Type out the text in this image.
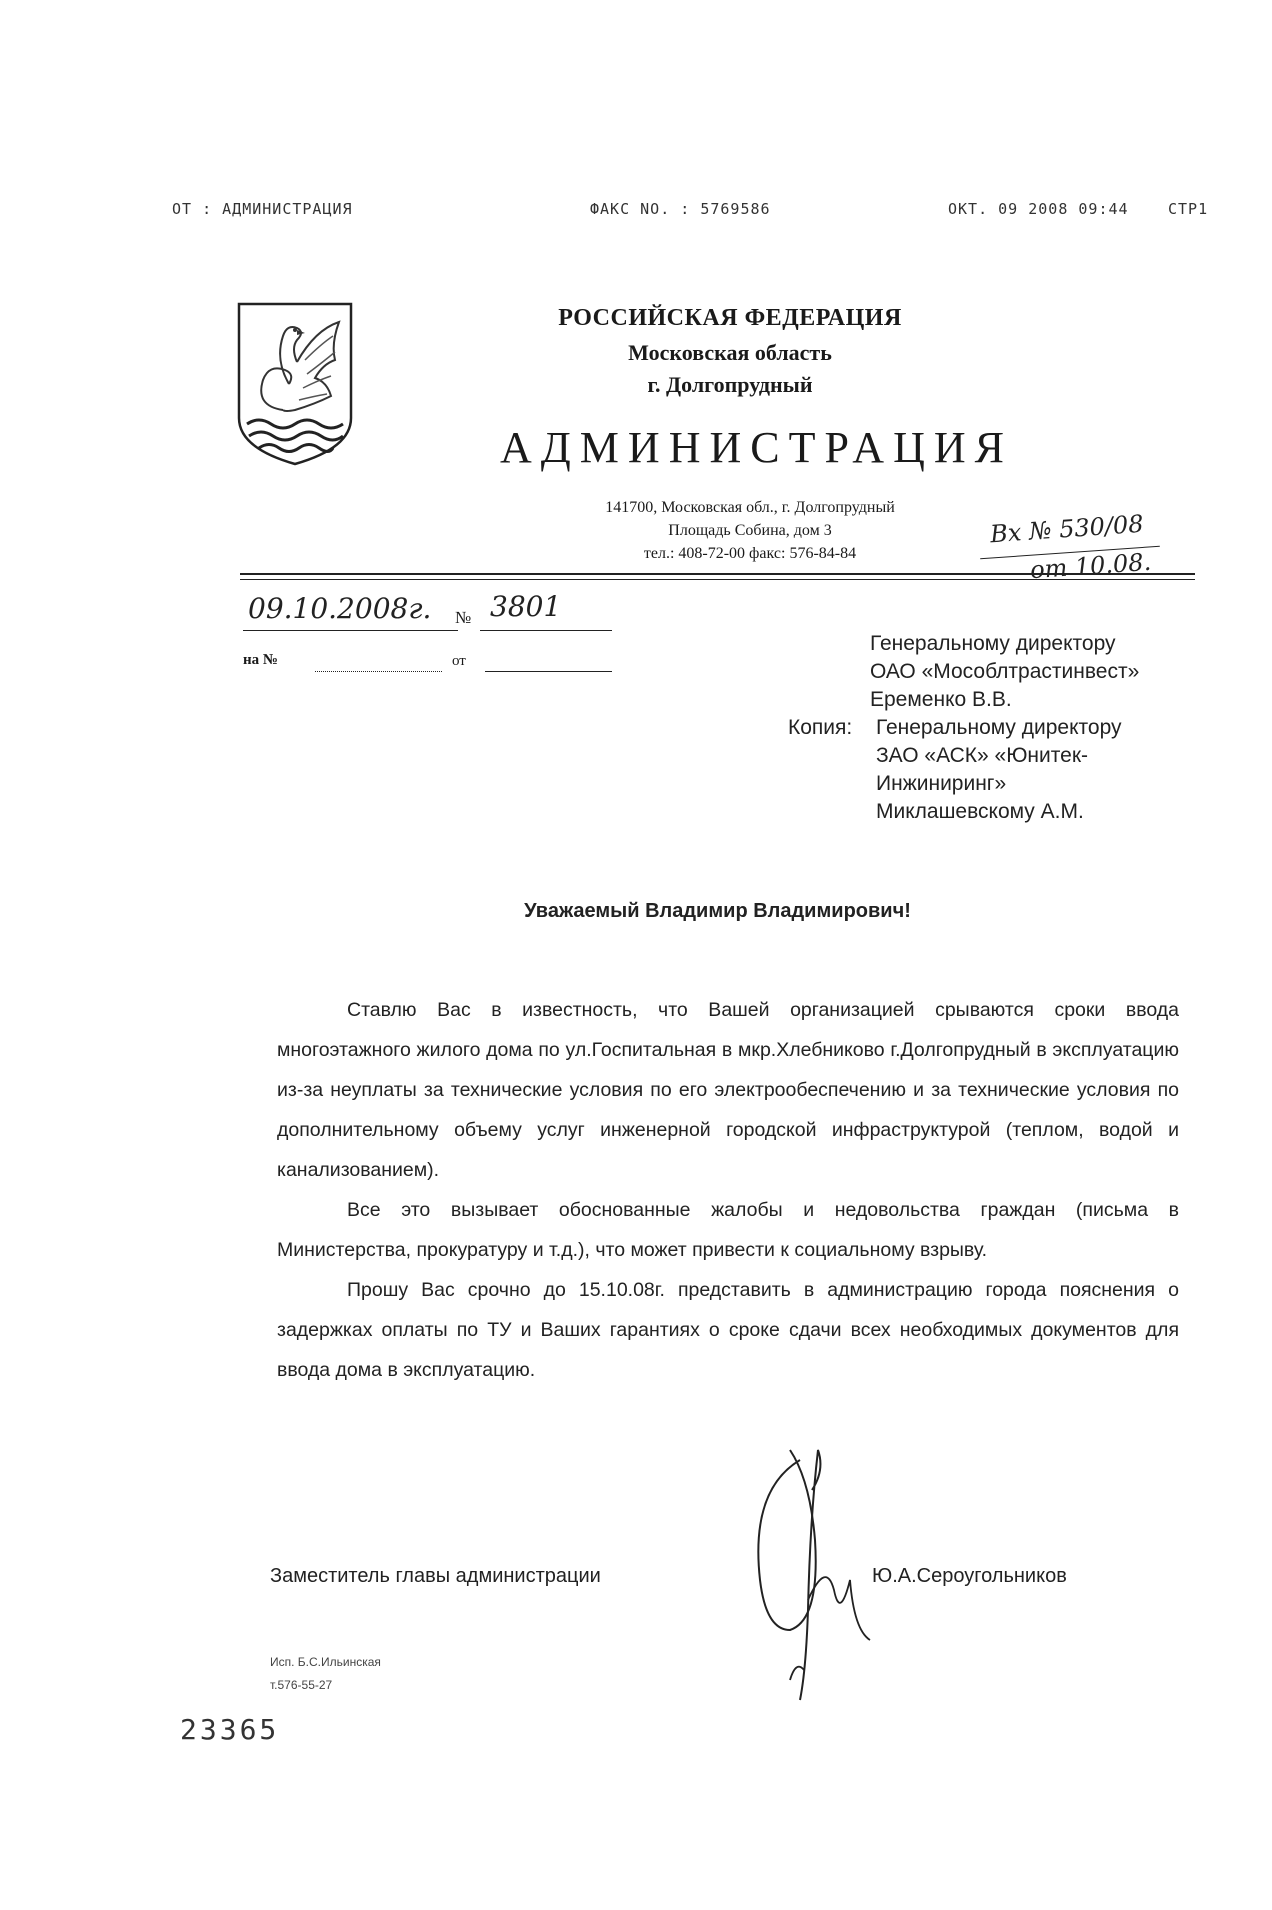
OT : АДМИНИСТРАЦИЯ	ФАКС NO. : 5769586	OKT. 09 2008 09:44	СТР1
РОССИЙСКАЯ ФЕДЕРАЦИЯ
Московская область
г. Долгопрудный
АДМИНИСТРАЦИЯ

141700, Московская обл., г. Долгопрудный

Площадь Собина, дом 3

тел.: 408-72-00 факс: 576-84-84

Вх № 530/08
от 10.08.
09.10.2008г. № 3801
на №	от

Генеральному директору

ОАО «Мособлтрастинвест»

Еременко В.В.

Копия: Генеральному директору

ЗАО «АСК» «Юнитек-

Инжиниринг»

Миклашевскому А.М.

Уважаемый Владимир Владимирович!

Ставлю Вас в известность, что Вашей организацией срываются сроки ввода многоэтажного жилого дома по ул.Госпитальная в мкр.Хлебниково г.Долгопрудный в эксплуатацию из-за неуплаты за технические условия по его электрообеспечению и за технические условия по дополнительному объему услуг инженерной городской инфраструктурой (теплом, водой и канализованием).

Все это вызывает обоснованные жалобы и недовольства граждан (письма в Министерства, прокуратуру и т.д.), что может привести к социальному взрыву.

Прошу Вас срочно до 15.10.08г. представить в администрацию города пояснения о задержках оплаты по ТУ и Ваших гарантиях о сроке сдачи всех необходимых документов для ввода дома в эксплуатацию.

Заместитель главы администрации	Ю.А.Сероугольников
Исп. Б.С.Ильинская
т.576-55-27
23365
